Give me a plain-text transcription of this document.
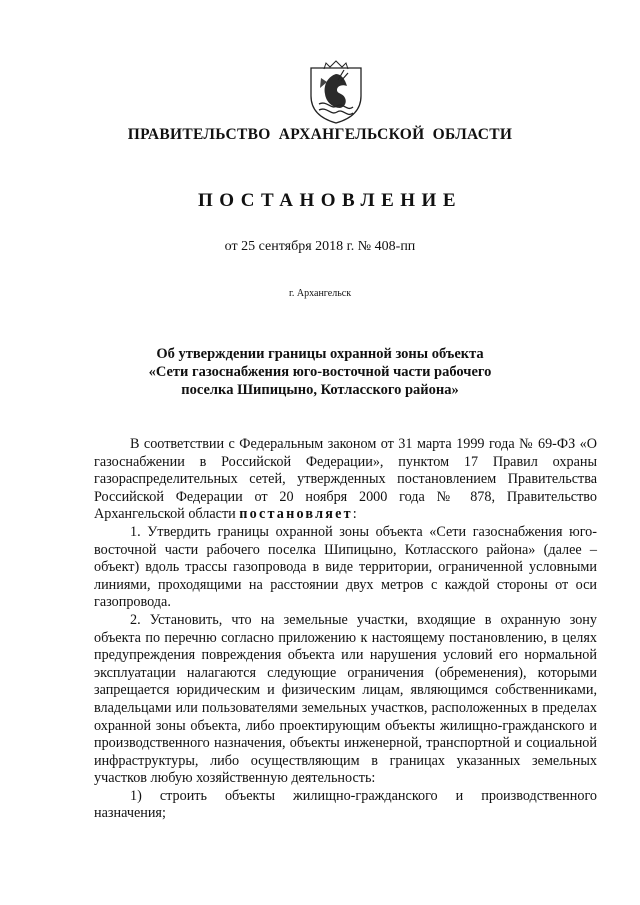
ПРАВИТЕЛЬСТВО АРХАНГЕЛЬСКОЙ ОБЛАСТИ
ПОСТАНОВЛЕНИЕ
от 25 сентября 2018 г. № 408-пп
г. Архангельск
Об утверждении границы охранной зоны объекта
«Сети газоснабжения юго-восточной части рабочего
поселка Шипицыно, Котласского района»

В соответствии с Федеральным законом от 31 марта 1999 года № 69-ФЗ «О газоснабжении в Российской Федерации», пунктом 17 Правил охраны газораспределительных сетей, утвержденных постановлением Правительства Российской Федерации от 20 ноября 2000 года № 878, Правительство Архангельской области постановляет:

1. Утвердить границы охранной зоны объекта «Сети газоснабжения юго-восточной части рабочего поселка Шипицыно, Котласского района» (далее – объект) вдоль трассы газопровода в виде территории, ограниченной условными линиями, проходящими на расстоянии двух метров с каждой стороны от оси газопровода.

2. Установить, что на земельные участки, входящие в охранную зону объекта по перечню согласно приложению к настоящему постановлению, в целях предупреждения повреждения объекта или нарушения условий его нормальной эксплуатации налагаются следующие ограничения (обременения), которыми запрещается юридическим и физическим лицам, являющимся собственниками, владельцами или пользователями земельных участков, расположенных в пределах охранной зоны объекта, либо проектирующим объекты жилищно-гражданского и производственного назначения, объекты инженерной, транспортной и социальной инфраструктуры, либо осуществляющим в границах указанных земельных участков любую хозяйственную деятельность:

1) строить объекты жилищно-гражданского и производственного назначения;
